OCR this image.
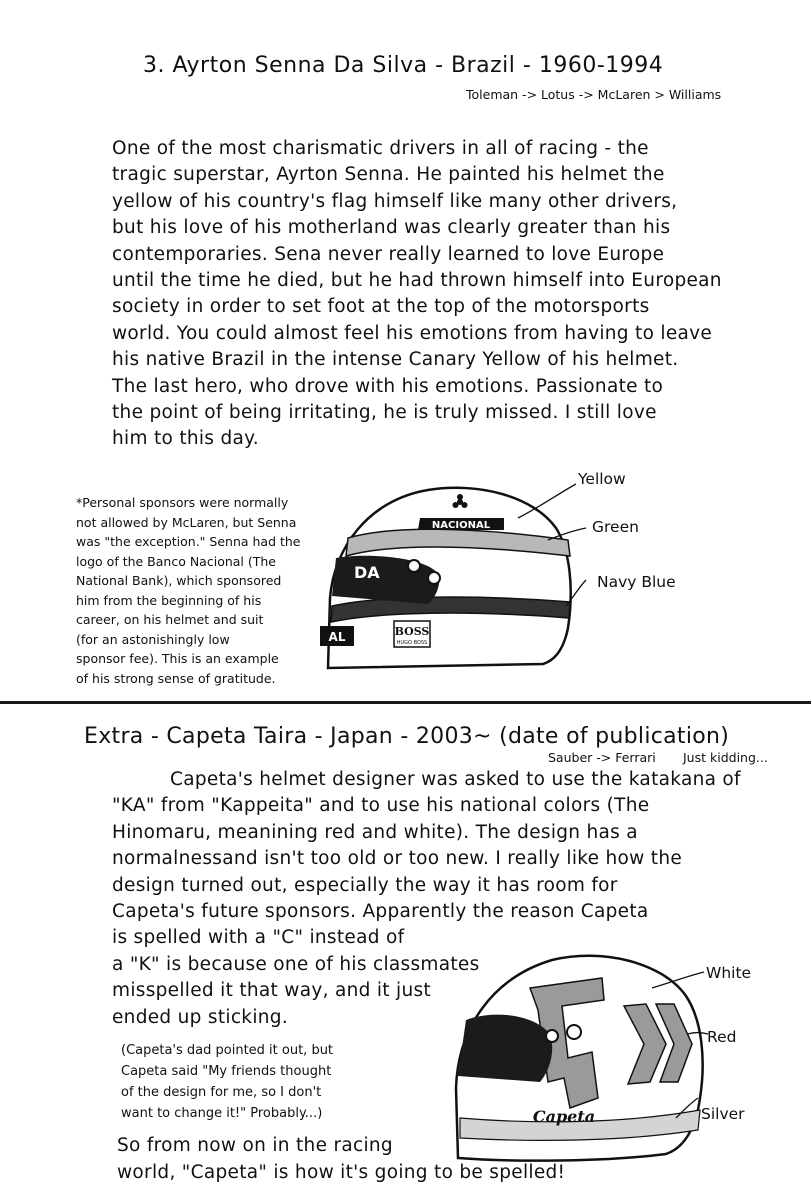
3. Ayrton Senna Da Silva - Brazil - 1960-1994
Toleman -> Lotus -> McLaren > Williams
One of the most charismatic drivers in all of racing - the
tragic superstar, Ayrton Senna. He painted his helmet the
yellow of his country's flag himself like many other drivers,
but his love of his motherland was clearly greater than his
contemporaries. Sena never really learned to love Europe
until the time he died, but he had thrown himself into European
society in order to set foot at the top of the motorsports
world. You could almost feel his emotions from having to leave
his native Brazil in the intense Canary Yellow of his helmet.
The last hero, who drove with his emotions. Passionate to
the point of being irritating, he is truly missed. I still love
him to this day.
*Personal sponsors were normally
not allowed by McLaren, but Senna
was "the exception." Senna had the
logo of the Banco Nacional (The
National Bank), which sponsored
him from the beginning of his
career, on his helmet and suit
(for an astonishingly low
sponsor fee). This is an example
of his strong sense of gratitude.
NACIONAL
DA
AL	BOSS
HUGO BOSS
Yellow
Green
Navy Blue
Extra - Capeta Taira - Japan - 2003~ (date of publication)
Sauber -> Ferrari Just kidding...
Capeta's helmet designer was asked to use the katakana of
"KA" from "Kappeita" and to use his national colors (The
Hinomaru, meanining red and white). The design has a
normalnessand isn't too old or too new. I really like how the
design turned out, especially the way it has room for
Capeta's future sponsors. Apparently the reason Capeta
is spelled with a "C" instead of
a "K" is because one of his classmates
misspelled it that way, and it just
ended up sticking.
(Capeta's dad pointed it out, but
Capeta said "My friends thought
of the design for me, so I don't
want to change it!" Probably...)
So from now on in the racing
world, "Capeta" is how it's going to be spelled!
Capeta
White
Red
Silver
